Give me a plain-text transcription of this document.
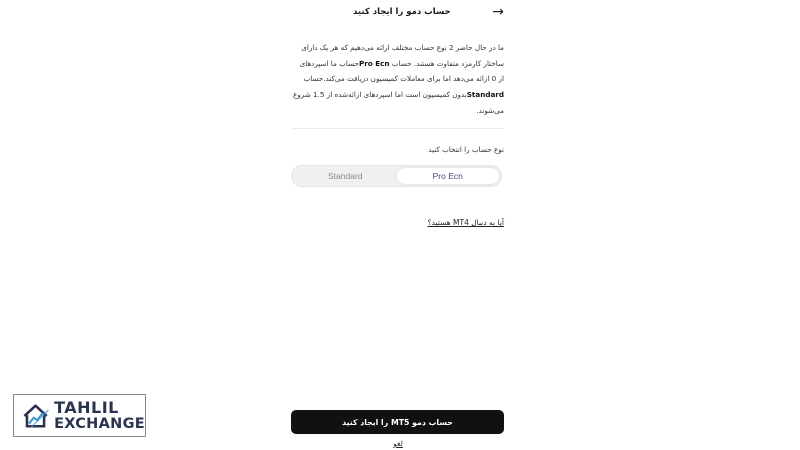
حساب دمو را ایجاد کنید	→
ما در حال حاضر 2 نوع حساب مختلف ارائه می‌دهیم که هر یک دارای ساختار کارمزد متفاوت هستند. حساب Pro Ecnحساب ما اسپردهای از 0 ارائه می‌دهد اما برای معاملات کمیسیون دریافت می‌کند.حساب Standardبدون کمیسیون است اما اسپردهای ارائه‌شده از 1.5 شروع می‌شوند.
نوع حساب را انتخاب کنید
Standard	Pro Ecn
آیا به دنبال MT4 هستید؟
حساب دمو MT5 را ایجاد کنید
لغو
TAHLIL
EXCHANGE
